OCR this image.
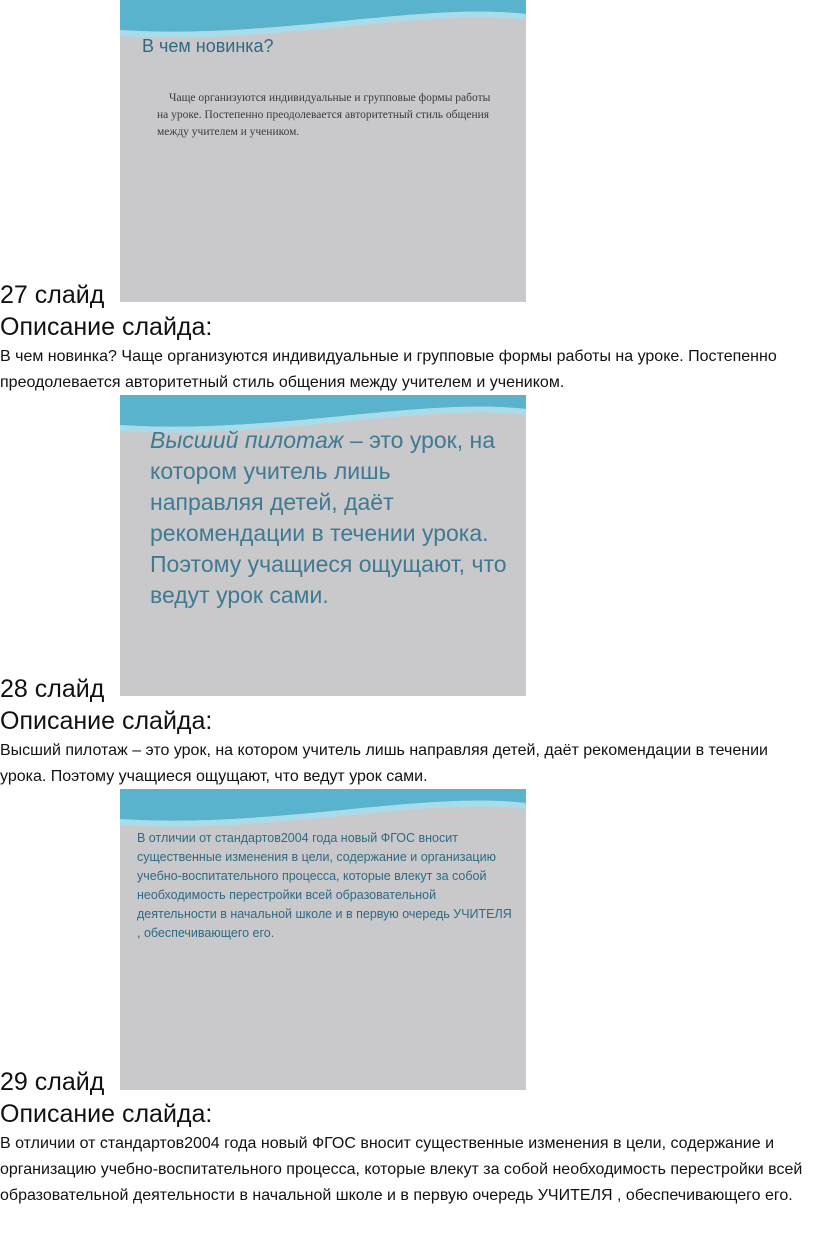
В чем новинка?
Чаще организуются индивидуальные и групповые формы работы на уроке. Постепенно преодолевается авторитетный стиль общения между учителем и учеником.
27 слайд
Описание слайда:
В чем новинка? Чаще организуются индивидуальные и групповые формы работы на уроке. Постепенно преодолевается авторитетный стиль общения между учителем и учеником.
Высший пилотаж – это урок, на котором учитель лишь направляя детей, даёт рекомендации в течении урока. Поэтому учащиеся ощущают, что ведут урок сами.
28 слайд
Описание слайда:
Высший пилотаж – это урок, на котором учитель лишь направляя детей, даёт рекомендации в течении урока. Поэтому учащиеся ощущают, что ведут урок сами.
В отличии от стандартов2004 года новый ФГОС вносит существенные изменения в цели, содержание и организацию учебно-воспитательного процесса, которые влекут за собой необходимость перестройки всей образовательной деятельности в начальной школе и в первую очередь УЧИТЕЛЯ , обеспечивающего его.
29 слайд
Описание слайда:
В отличии от стандартов2004 года новый ФГОС вносит существенные изменения в цели, содержание и организацию учебно-воспитательного процесса, которые влекут за собой необходимость перестройки всей образовательной деятельности в начальной школе и в первую очередь УЧИТЕЛЯ , обеспечивающего его.
